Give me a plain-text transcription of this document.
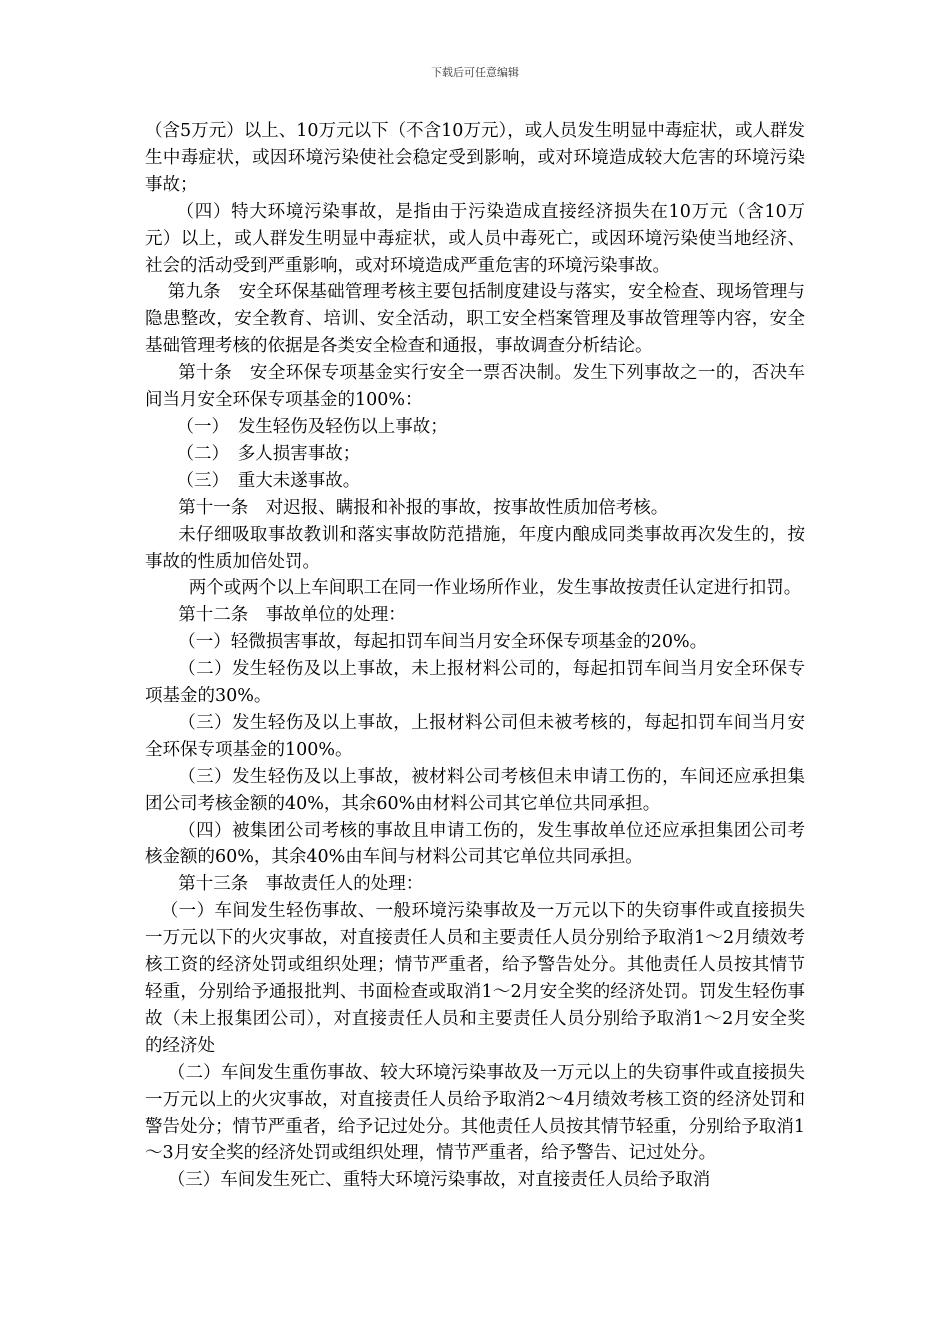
下载后可任意编辑

（含5万元）以上、10万元以下（不含10万元），或人员发生明显中毒症状，或人群发生中毒症状，或因环境污染使社会稳定受到影响，或对环境造成较大危害的环境污染事故；

（四）特大环境污染事故，是指由于污染造成直接经济损失在10万元（含10万元）以上，或人群发生明显中毒症状，或人员中毒死亡，或因环境污染使当地经济、社会的活动受到严重影响，或对环境造成严重危害的环境污染事故。

第九条　安全环保基础管理考核主要包括制度建设与落实，安全检查、现场管理与隐患整改，安全教育、培训、安全活动，职工安全档案管理及事故管理等内容，安全基础管理考核的依据是各类安全检查和通报，事故调查分析结论。

第十条　安全环保专项基金实行安全一票否决制。发生下列事故之一的，否决车间当月安全环保专项基金的100%：

（一）　发生轻伤及轻伤以上事故；

（二）　多人损害事故；

（三）　重大未遂事故。

第十一条　对迟报、瞒报和补报的事故，按事故性质加倍考核。

未仔细吸取事故教训和落实事故防范措施，年度内酿成同类事故再次发生的，按事故的性质加倍处罚。

两个或两个以上车间职工在同一作业场所作业，发生事故按责任认定进行扣罚。

第十二条　事故单位的处理：

（一）轻微损害事故，每起扣罚车间当月安全环保专项基金的20%。

（二）发生轻伤及以上事故，未上报材料公司的，每起扣罚车间当月安全环保专项基金的30%。

（三）发生轻伤及以上事故，上报材料公司但未被考核的，每起扣罚车间当月安全环保专项基金的100%。

（三）发生轻伤及以上事故，被材料公司考核但未申请工伤的，车间还应承担集团公司考核金额的40%，其余60%由材料公司其它单位共同承担。

（四）被集团公司考核的事故且申请工伤的，发生事故单位还应承担集团公司考核金额的60%，其余40%由车间与材料公司其它单位共同承担。

第十三条　事故责任人的处理：

（一）车间发生轻伤事故、一般环境污染事故及一万元以下的失窃事件或直接损失一万元以下的火灾事故，对直接责任人员和主要责任人员分别给予取消1～2月绩效考核工资的经济处罚或组织处理；情节严重者，给予警告处分。其他责任人员按其情节轻重，分别给予通报批判、书面检查或取消1～2月安全奖的经济处罚。罚发生轻伤事故（未上报集团公司），对直接责任人员和主要责任人员分别给予取消1～2月安全奖的经济处

（二）车间发生重伤事故、较大环境污染事故及一万元以上的失窃事件或直接损失一万元以上的火灾事故，对直接责任人员给予取消2～4月绩效考核工资的经济处罚和警告处分；情节严重者，给予记过处分。其他责任人员按其情节轻重，分别给予取消1～3月安全奖的经济处罚或组织处理，情节严重者，给予警告、记过处分。

（三）车间发生死亡、重特大环境污染事故，对直接责任人员给予取消
